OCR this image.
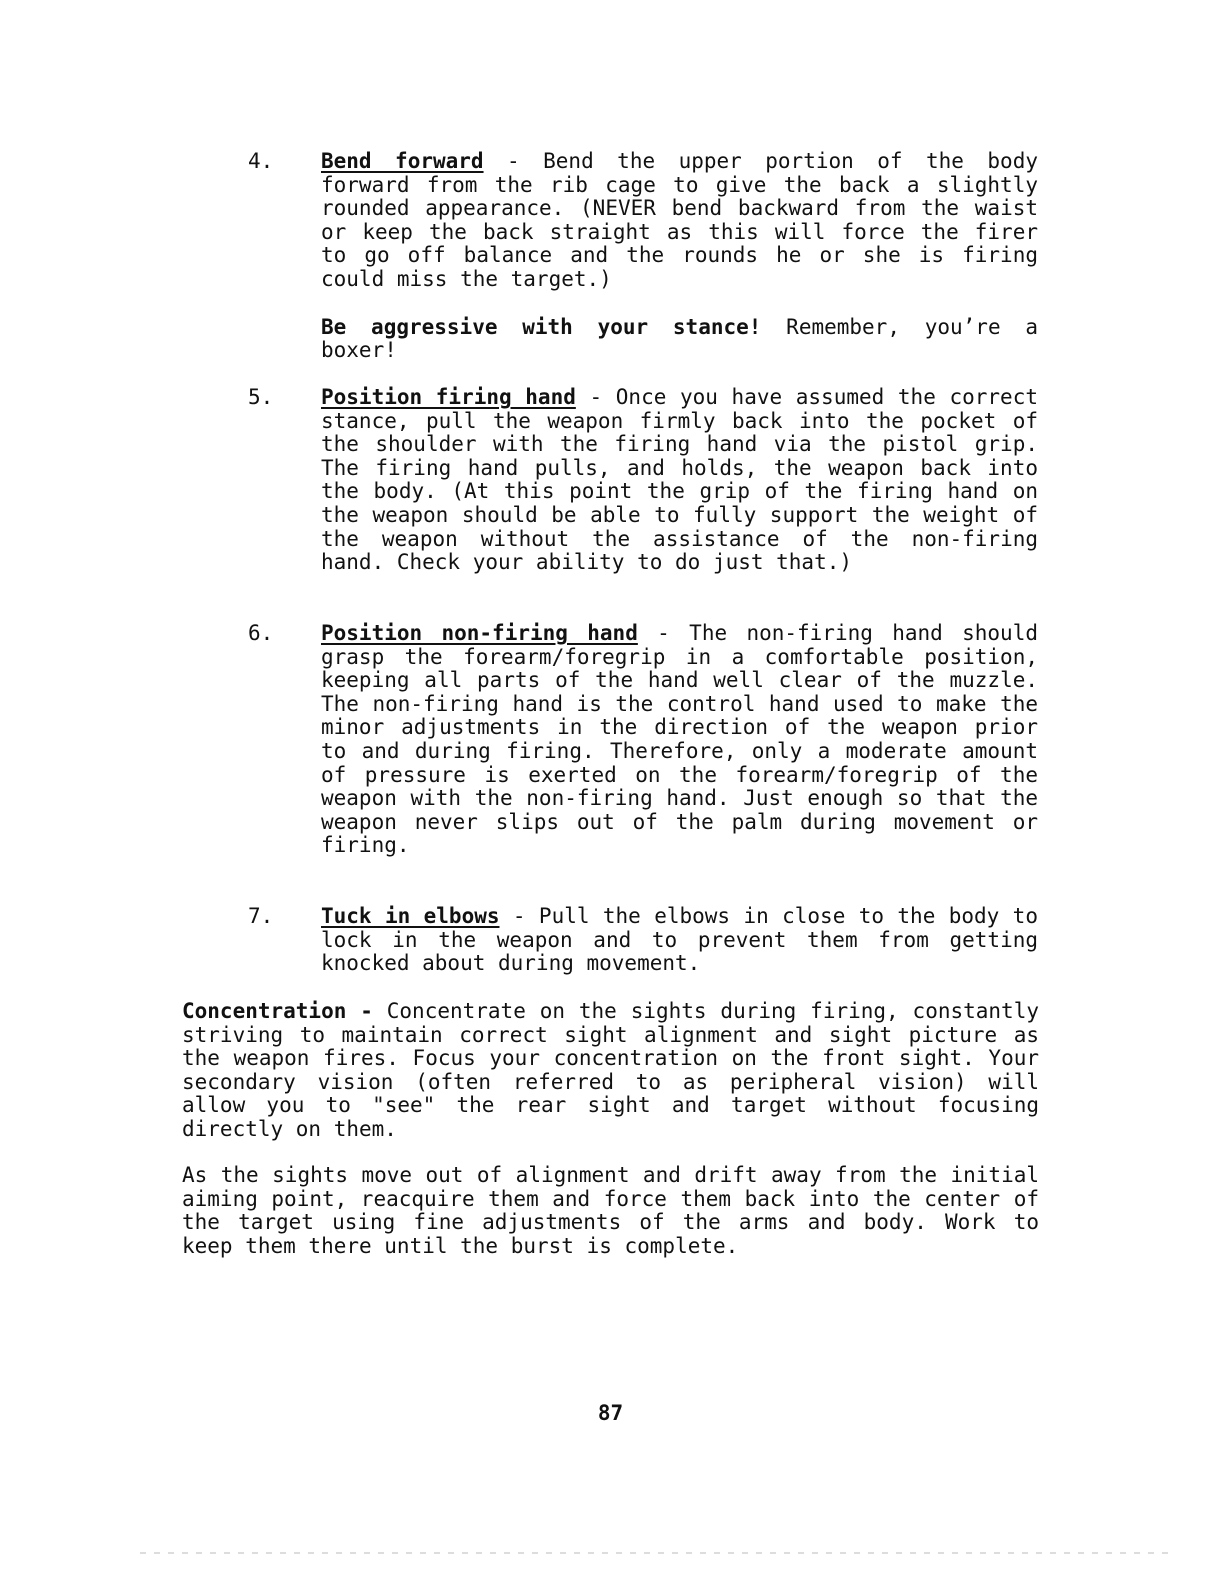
4.	Bend forward - Bend the upper portion of the body forward from the rib cage to give the back a slightly rounded appearance. (NEVER bend backward from the waist or keep the back straight as this will force the firer to go off balance and the rounds he or she is firing could miss the target.)
Be aggressive with your stance! Remember, you’re a boxer!
5.	Position firing hand - Once you have assumed the correct stance, pull the weapon firmly back into the pocket of the shoulder with the firing hand via the pistol grip. The firing hand pulls, and holds, the weapon back into the body. (At this point the grip of the firing hand on the weapon should be able to fully support the weight of the weapon without the assistance of the non-firing hand. Check your ability to do just that.)
6.	Position non-firing hand - The non-firing hand should grasp the forearm/foregrip in a comfortable position, keeping all parts of the hand well clear of the muzzle. The non-firing hand is the control hand used to make the minor adjustments in the direction of the weapon prior to and during firing. Therefore, only a moderate amount of pressure is exerted on the forearm/foregrip of the weapon with the non-firing hand. Just enough so that the weapon never slips out of the palm during movement or firing.
7.	Tuck in elbows - Pull the elbows in close to the body to lock in the weapon and to prevent them from getting knocked about during movement.
Concentration - Concentrate on the sights during firing, constantly striving to maintain correct sight alignment and sight picture as the weapon fires. Focus your concentration on the front sight. Your secondary vision (often referred to as peripheral vision) will allow you to "see" the rear sight and target without focusing directly on them.
As the sights move out of alignment and drift away from the initial aiming point, reacquire them and force them back into the center of the target using fine adjustments of the arms and body. Work to keep them there until the burst is complete.
87
